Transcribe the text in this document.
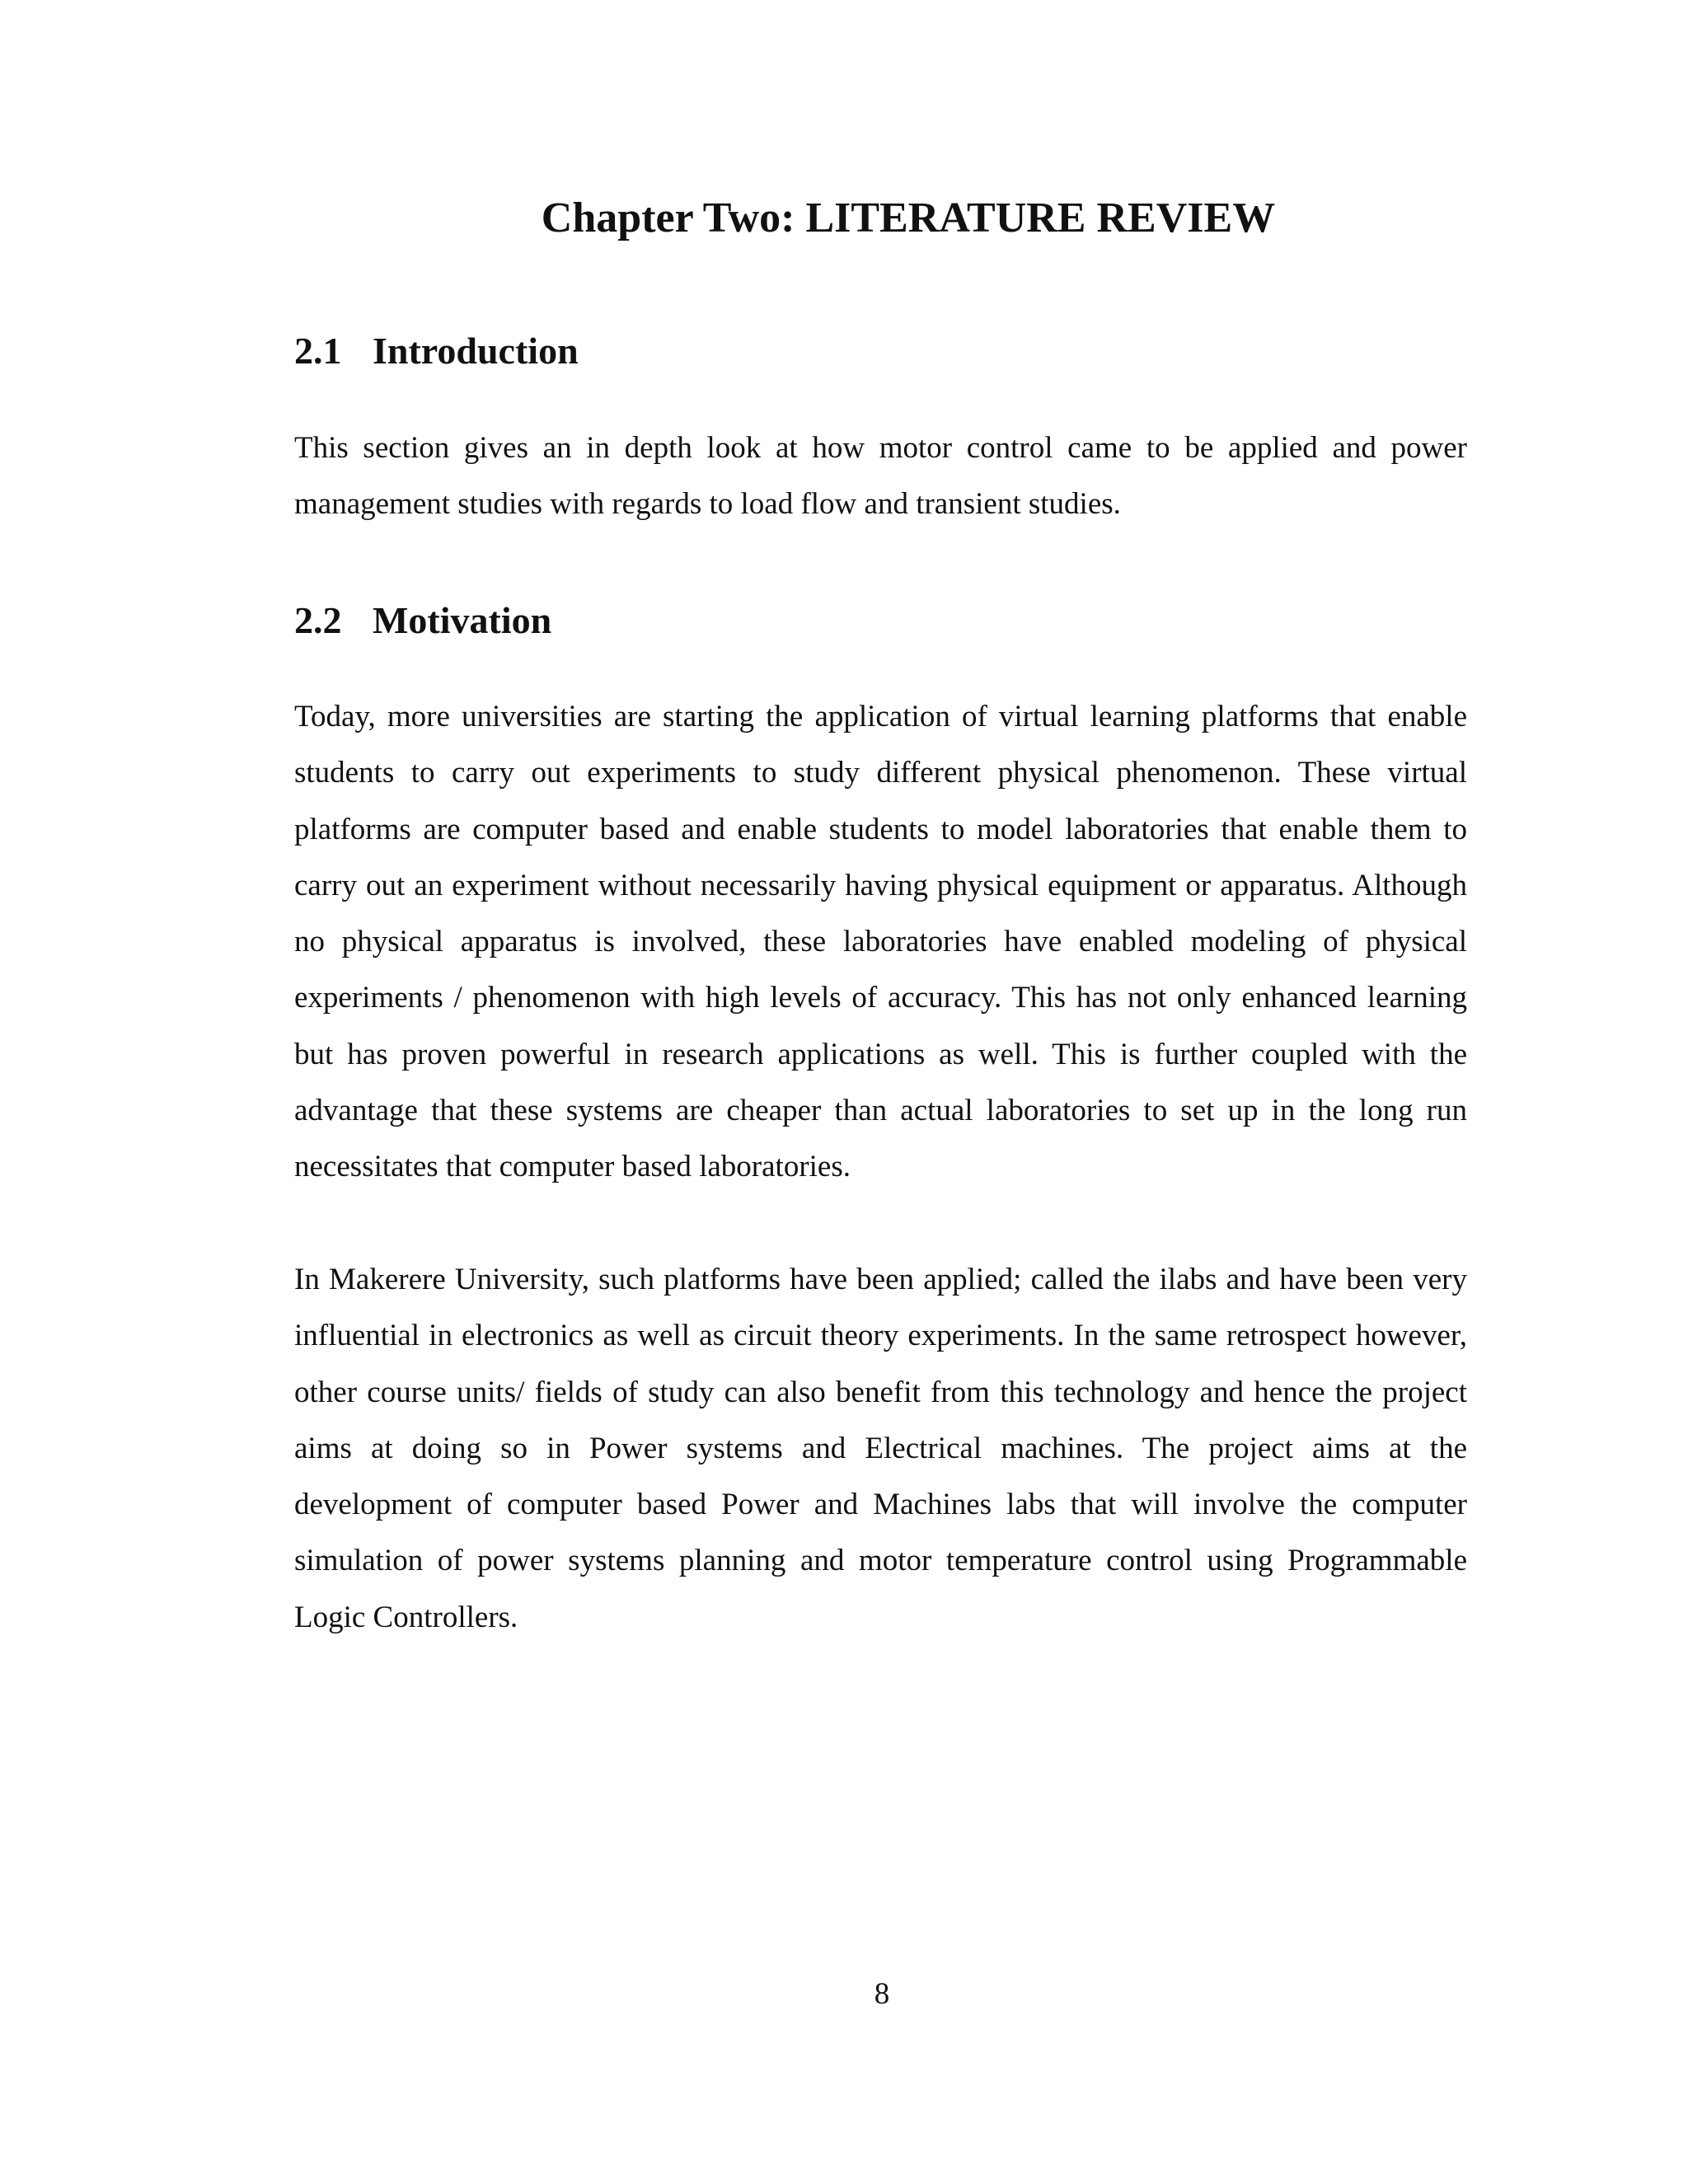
Chapter Two: LITERATURE REVIEW
2.1 Introduction

This section gives an in depth look at how motor control came to be applied and power management studies with regards to load flow and transient studies.

2.2 Motivation

Today, more universities are starting the application of virtual learning platforms that enable students to carry out experiments to study different physical phenomenon. These virtual platforms are computer based and enable students to model laboratories that enable them to carry out an experiment without necessarily having physical equipment or apparatus. Although no physical apparatus is involved, these laboratories have enabled modeling of physical experiments / phenomenon with high levels of accuracy. This has not only enhanced learning but has proven powerful in research applications as well. This is further coupled with the advantage that these systems are cheaper than actual laboratories to set up in the long run necessitates that computer based laboratories.

In Makerere University, such platforms have been applied; called the ilabs and have been very influential in electronics as well as circuit theory experiments. In the same retrospect however, other course units/ fields of study can also benefit from this technology and hence the project aims at doing so in Power systems and Electrical machines. The project aims at the development of computer based Power and Machines labs that will involve the computer simulation of power systems planning and motor temperature control using Programmable Logic Controllers.

8
